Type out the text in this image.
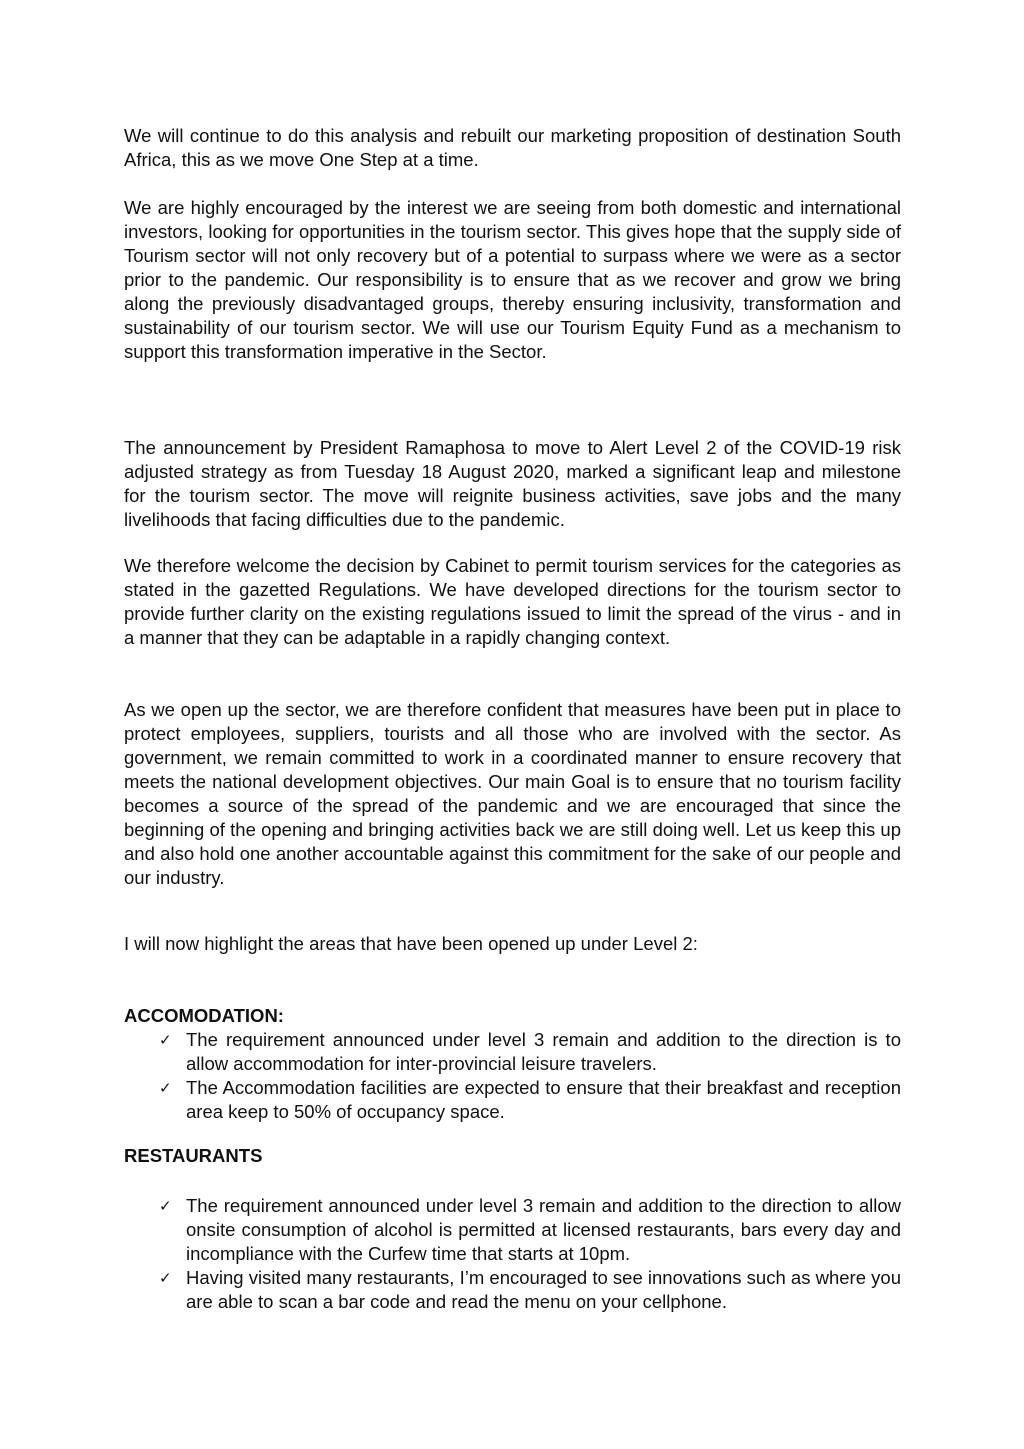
We will continue to do this analysis and rebuilt our marketing proposition of destination South Africa, this as we move One Step at a time.

We are highly encouraged by the interest we are seeing from both domestic and international investors, looking for opportunities in the tourism sector. This gives hope that the supply side of Tourism sector will not only recovery but of a potential to surpass where we were as a sector prior to the pandemic. Our responsibility is to ensure that as we recover and grow we bring along the previously disadvantaged groups, thereby ensuring inclusivity, transformation and sustainability of our tourism sector. We will use our Tourism Equity Fund as a mechanism to support this transformation imperative in the Sector.

The announcement by President Ramaphosa to move to Alert Level 2 of the COVID-19 risk adjusted strategy as from Tuesday 18 August 2020, marked a significant leap and milestone for the tourism sector. The move will reignite business activities, save jobs and the many livelihoods that facing difficulties due to the pandemic.

We therefore welcome the decision by Cabinet to permit tourism services for the categories as stated in the gazetted Regulations. We have developed directions for the tourism sector to provide further clarity on the existing regulations issued to limit the spread of the virus - and in a manner that they can be adaptable in a rapidly changing context.

As we open up the sector, we are therefore confident that measures have been put in place to protect employees, suppliers, tourists and all those who are involved with the sector. As government, we remain committed to work in a coordinated manner to ensure recovery that meets the national development objectives. Our main Goal is to ensure that no tourism facility becomes a source of the spread of the pandemic and we are encouraged that since the beginning of the opening and bringing activities back we are still doing well. Let us keep this up and also hold one another accountable against this commitment for the sake of our people and our industry.

I will now highlight the areas that have been opened up under Level 2:

ACCOMODATION:

✓ The requirement announced under level 3 remain and addition to the direction is to allow accommodation for inter-provincial leisure travelers.
✓ The Accommodation facilities are expected to ensure that their breakfast and reception area keep to 50% of occupancy space.

RESTAURANTS

✓ The requirement announced under level 3 remain and addition to the direction to allow onsite consumption of alcohol is permitted at licensed restaurants, bars every day and incompliance with the Curfew time that starts at 10pm.
✓ Having visited many restaurants, I’m encouraged to see innovations such as where you are able to scan a bar code and read the menu on your cellphone.
